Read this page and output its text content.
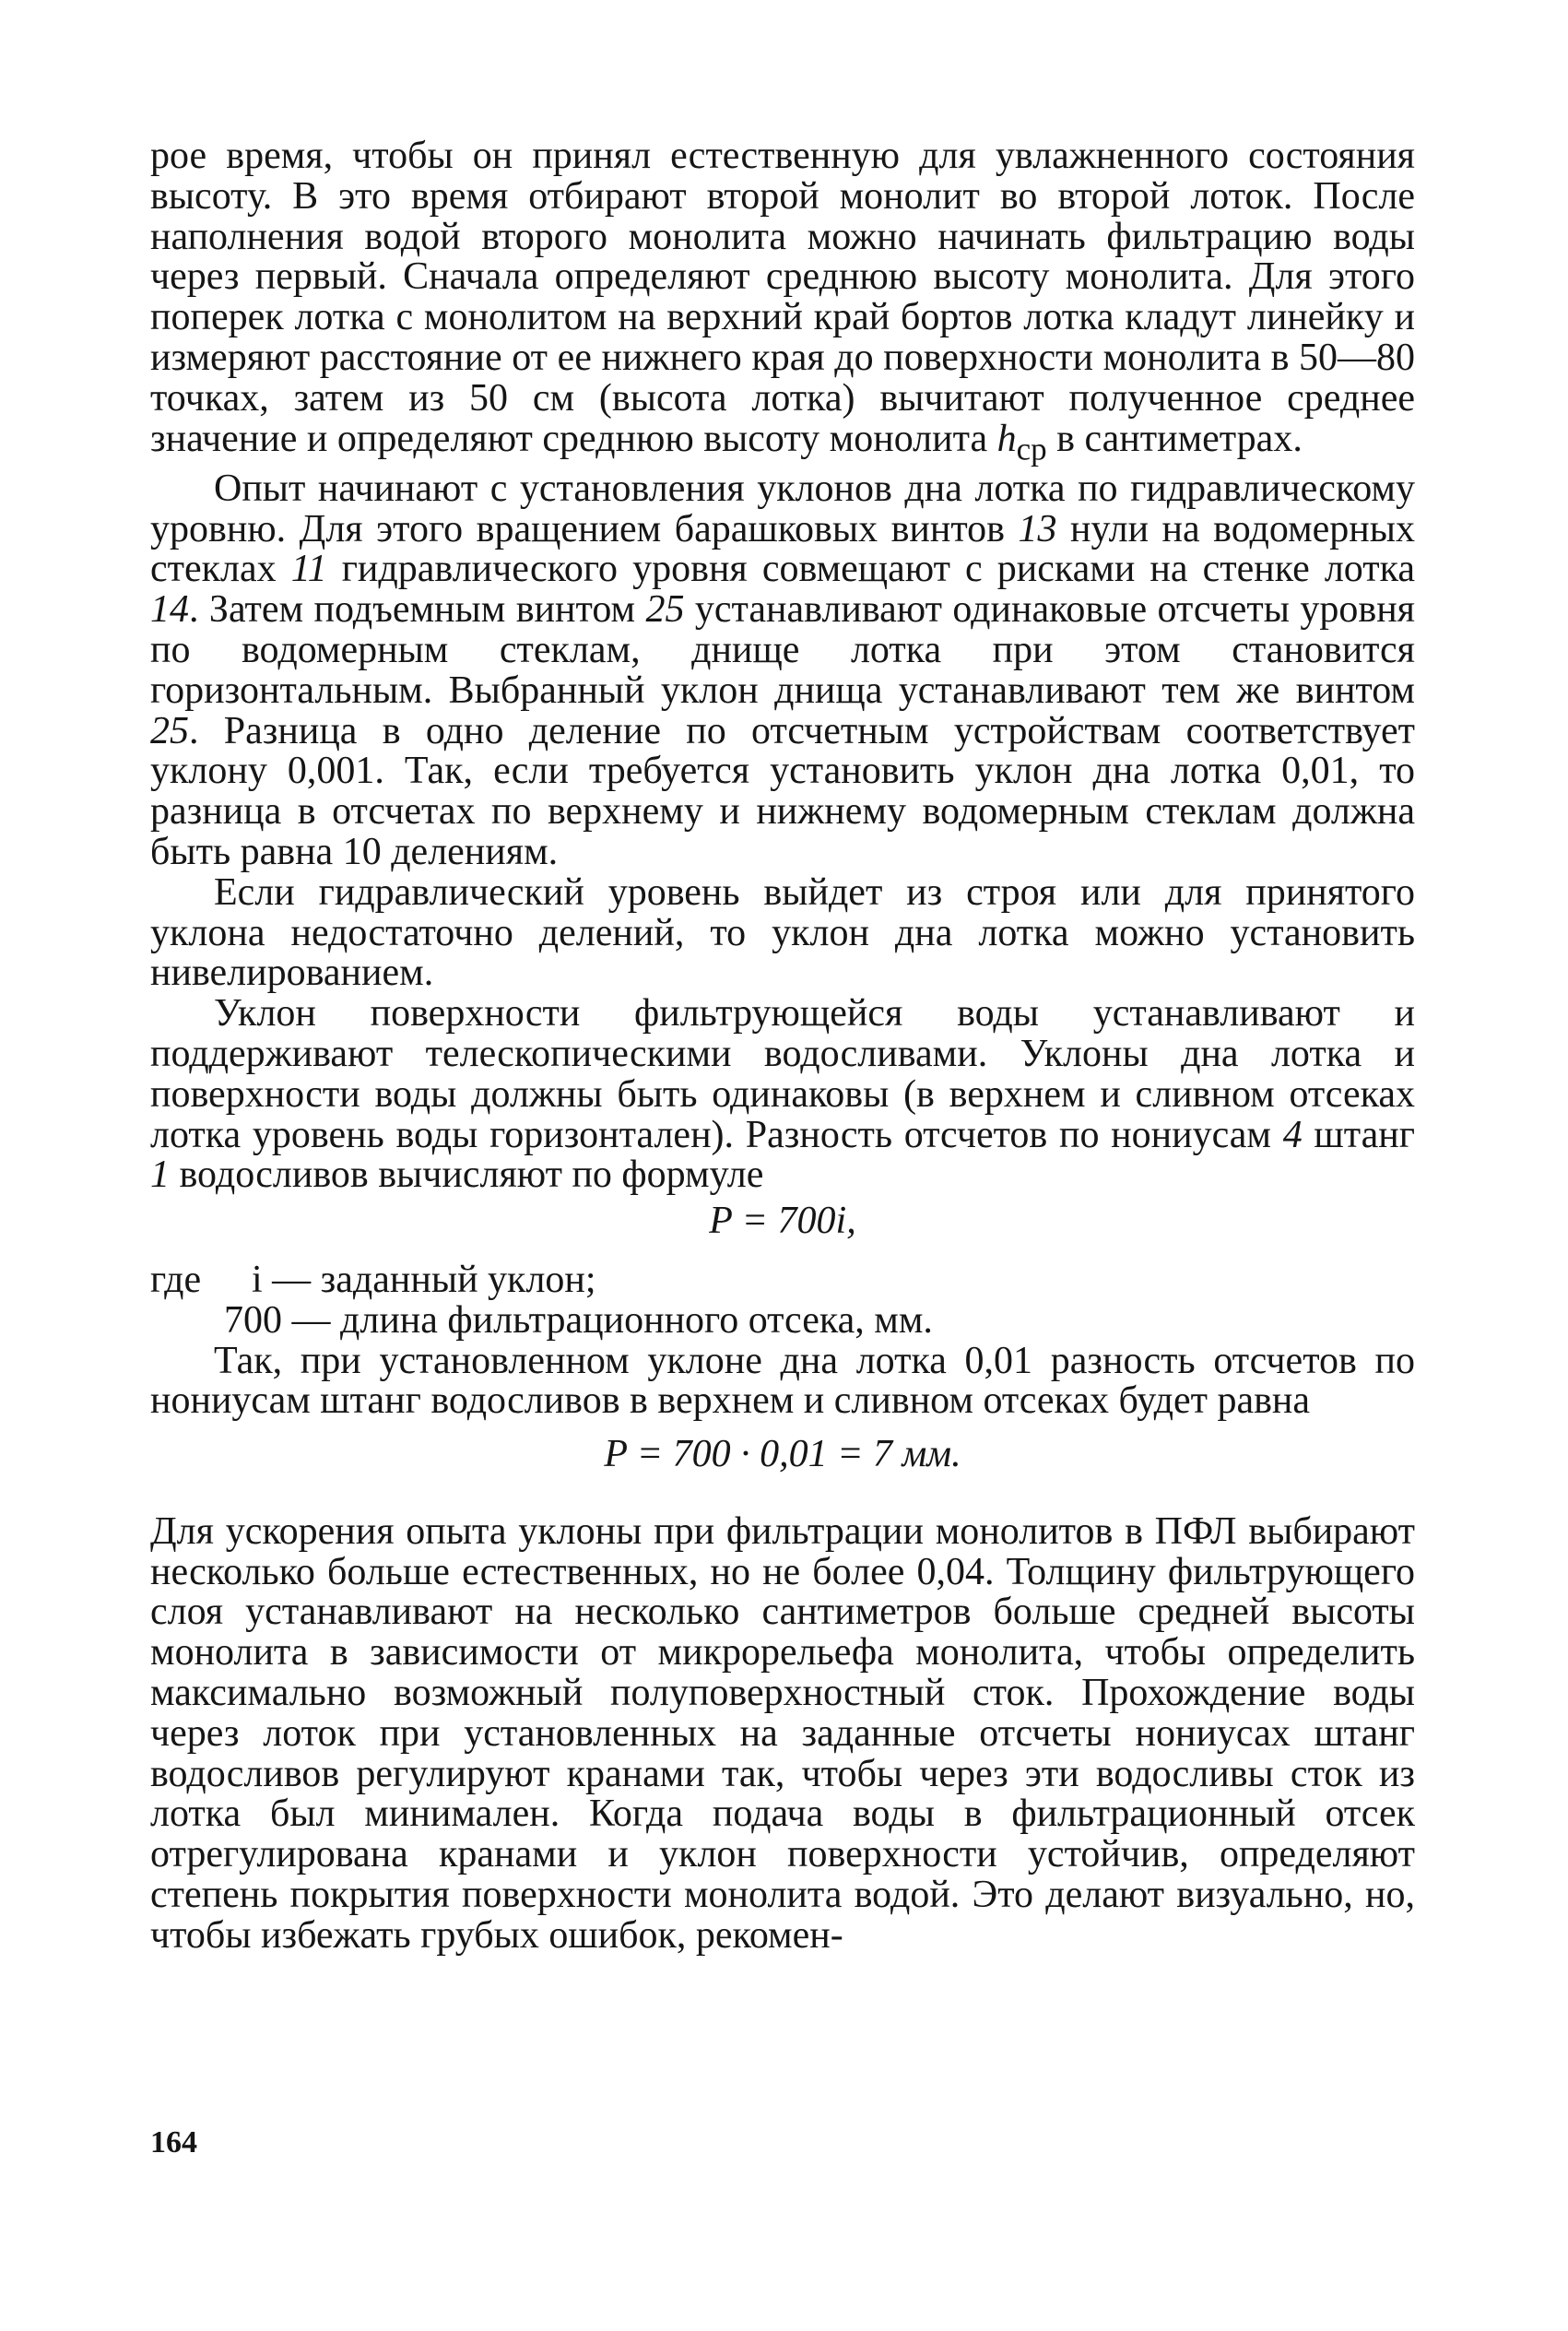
рое время, чтобы он принял естественную для увлажненного состояния высоту. В это время отбирают второй монолит во второй лоток. После наполнения водой второго монолита можно начинать фильтрацию воды через первый. Сначала определяют среднюю высоту монолита. Для этого поперек лотка с монолитом на верхний край бортов лотка кладут линейку и измеряют расстояние от ее нижнего края до поверхности монолита в 50—80 точках, затем из 50 см (высота лотка) вычитают полученное среднее значение и определяют среднюю высоту монолита $h_{ср}$ в сантиметрах.

Опыт начинают с установления уклонов дна лотка по гидравлическому уровню. Для этого вращением барашковых винтов 13 нули на водомерных стеклах 11 гидравлического уровня совмещают с рисками на стенке лотка 14. Затем подъемным винтом 25 устанавливают одинаковые отсчеты уровня по водомерным стеклам, днище лотка при этом становится горизонтальным. Выбранный уклон днища устанавливают тем же винтом 25. Разница в одно деление по отсчетным устройствам соответствует уклону 0,001. Так, если требуется установить уклон дна лотка 0,01, то разница в отсчетах по верхнему и нижнему водомерным стеклам должна быть равна 10 делениям.

Если гидравлический уровень выйдет из строя или для принятого уклона недостаточно делений, то уклон дна лотка можно установить нивелированием.

Уклон поверхности фильтрующейся воды устанавливают и поддерживают телескопическими водосливами. Уклоны дна лотка и поверхности воды должны быть одинаковы (в верхнем и сливном отсеках лотка уровень воды горизонтален). Разность отсчетов по нониусам 4 штанг 1 водосливов вычисляют по формуле

P = 700i,
где	i — заданный уклон;
700 — длина фильтрационного отсека, мм.

Так, при установленном уклоне дна лотка 0,01 разность отсчетов по нониусам штанг водосливов в верхнем и сливном отсеках будет равна

P = 700 · 0,01 = 7 мм.

Для ускорения опыта уклоны при фильтрации монолитов в ПФЛ выбирают несколько больше естественных, но не более 0,04. Толщину фильтрующего слоя устанавливают на несколько сантиметров больше средней высоты монолита в зависимости от микрорельефа монолита, чтобы определить максимально возможный полуповерхностный сток. Прохождение воды через лоток при установленных на заданные отсчеты нониусах штанг водосливов регулируют кранами так, чтобы через эти водосливы сток из лотка был минимален. Когда подача воды в фильтрационный отсек отрегулирована кранами и уклон поверхности устойчив, определяют степень покрытия поверхности монолита водой. Это делают визуально, но, чтобы избежать грубых ошибок, рекомен-

164
